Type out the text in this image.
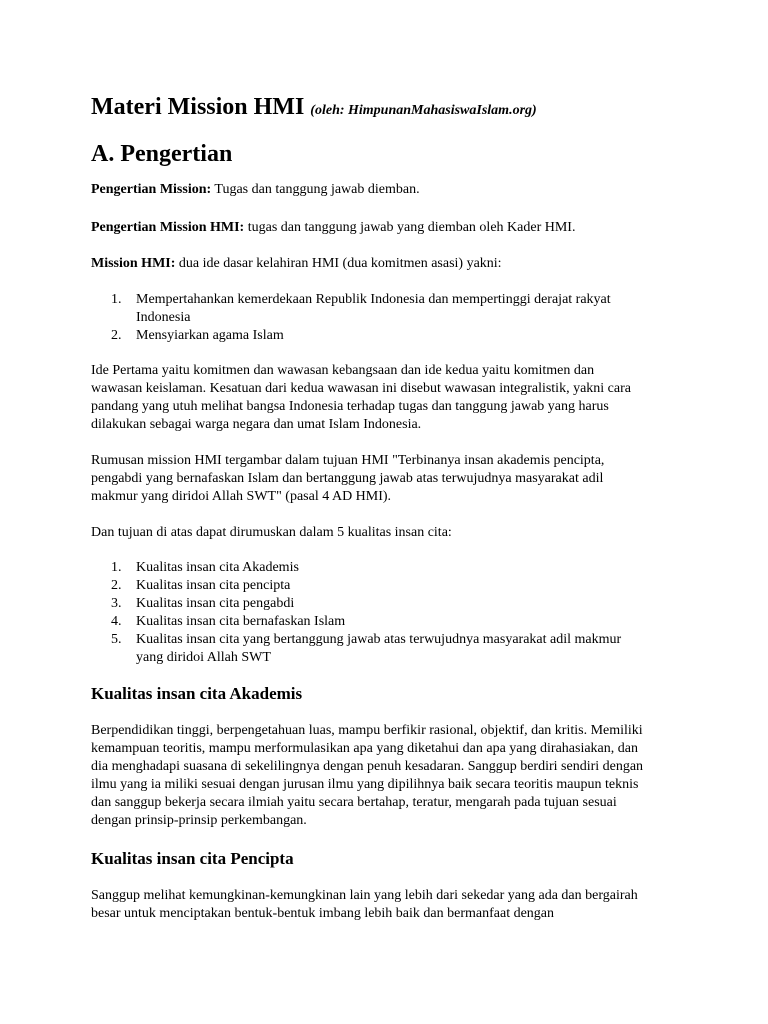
Materi Mission HMI (oleh: HimpunanMahasiswaIslam.org)
A. Pengertian

Pengertian Mission: Tugas dan tanggung jawab diemban.

Pengertian Mission HMI: tugas dan tanggung jawab yang diemban oleh Kader HMI.

Mission HMI: dua ide dasar kelahiran HMI (dua komitmen asasi) yakni:

1. Mempertahankan kemerdekaan Republik Indonesia dan mempertinggi derajat rakyat Indonesia
2. Mensyiarkan agama Islam

Ide Pertama yaitu komitmen dan wawasan kebangsaan dan ide kedua yaitu komitmen dan wawasan keislaman. Kesatuan dari kedua wawasan ini disebut wawasan integralistik, yakni cara pandang yang utuh melihat bangsa Indonesia terhadap tugas dan tanggung jawab yang harus dilakukan sebagai warga negara dan umat Islam Indonesia.

Rumusan mission HMI tergambar dalam tujuan HMI "Terbinanya insan akademis pencipta, pengabdi yang bernafaskan Islam dan bertanggung jawab atas terwujudnya masyarakat adil makmur yang diridoi Allah SWT" (pasal 4 AD HMI).

Dan tujuan di atas dapat dirumuskan dalam 5 kualitas insan cita:

1. Kualitas insan cita Akademis
2. Kualitas insan cita pencipta
3. Kualitas insan cita pengabdi
4. Kualitas insan cita bernafaskan Islam
5. Kualitas insan cita yang bertanggung jawab atas terwujudnya masyarakat adil makmur yang diridoi Allah SWT
Kualitas insan cita Akademis

Berpendidikan tinggi, berpengetahuan luas, mampu berfikir rasional, objektif, dan kritis. Memiliki kemampuan teoritis, mampu merformulasikan apa yang diketahui dan apa yang dirahasiakan, dan dia menghadapi suasana di sekelilingnya dengan penuh kesadaran. Sanggup berdiri sendiri dengan ilmu yang ia miliki sesuai dengan jurusan ilmu yang dipilihnya baik secara teoritis maupun teknis dan sanggup bekerja secara ilmiah yaitu secara bertahap, teratur, mengarah pada tujuan sesuai dengan prinsip-prinsip perkembangan.

Kualitas insan cita Pencipta

Sanggup melihat kemungkinan-kemungkinan lain yang lebih dari sekedar yang ada dan bergairah besar untuk menciptakan bentuk-bentuk imbang lebih baik dan bermanfaat dengan
